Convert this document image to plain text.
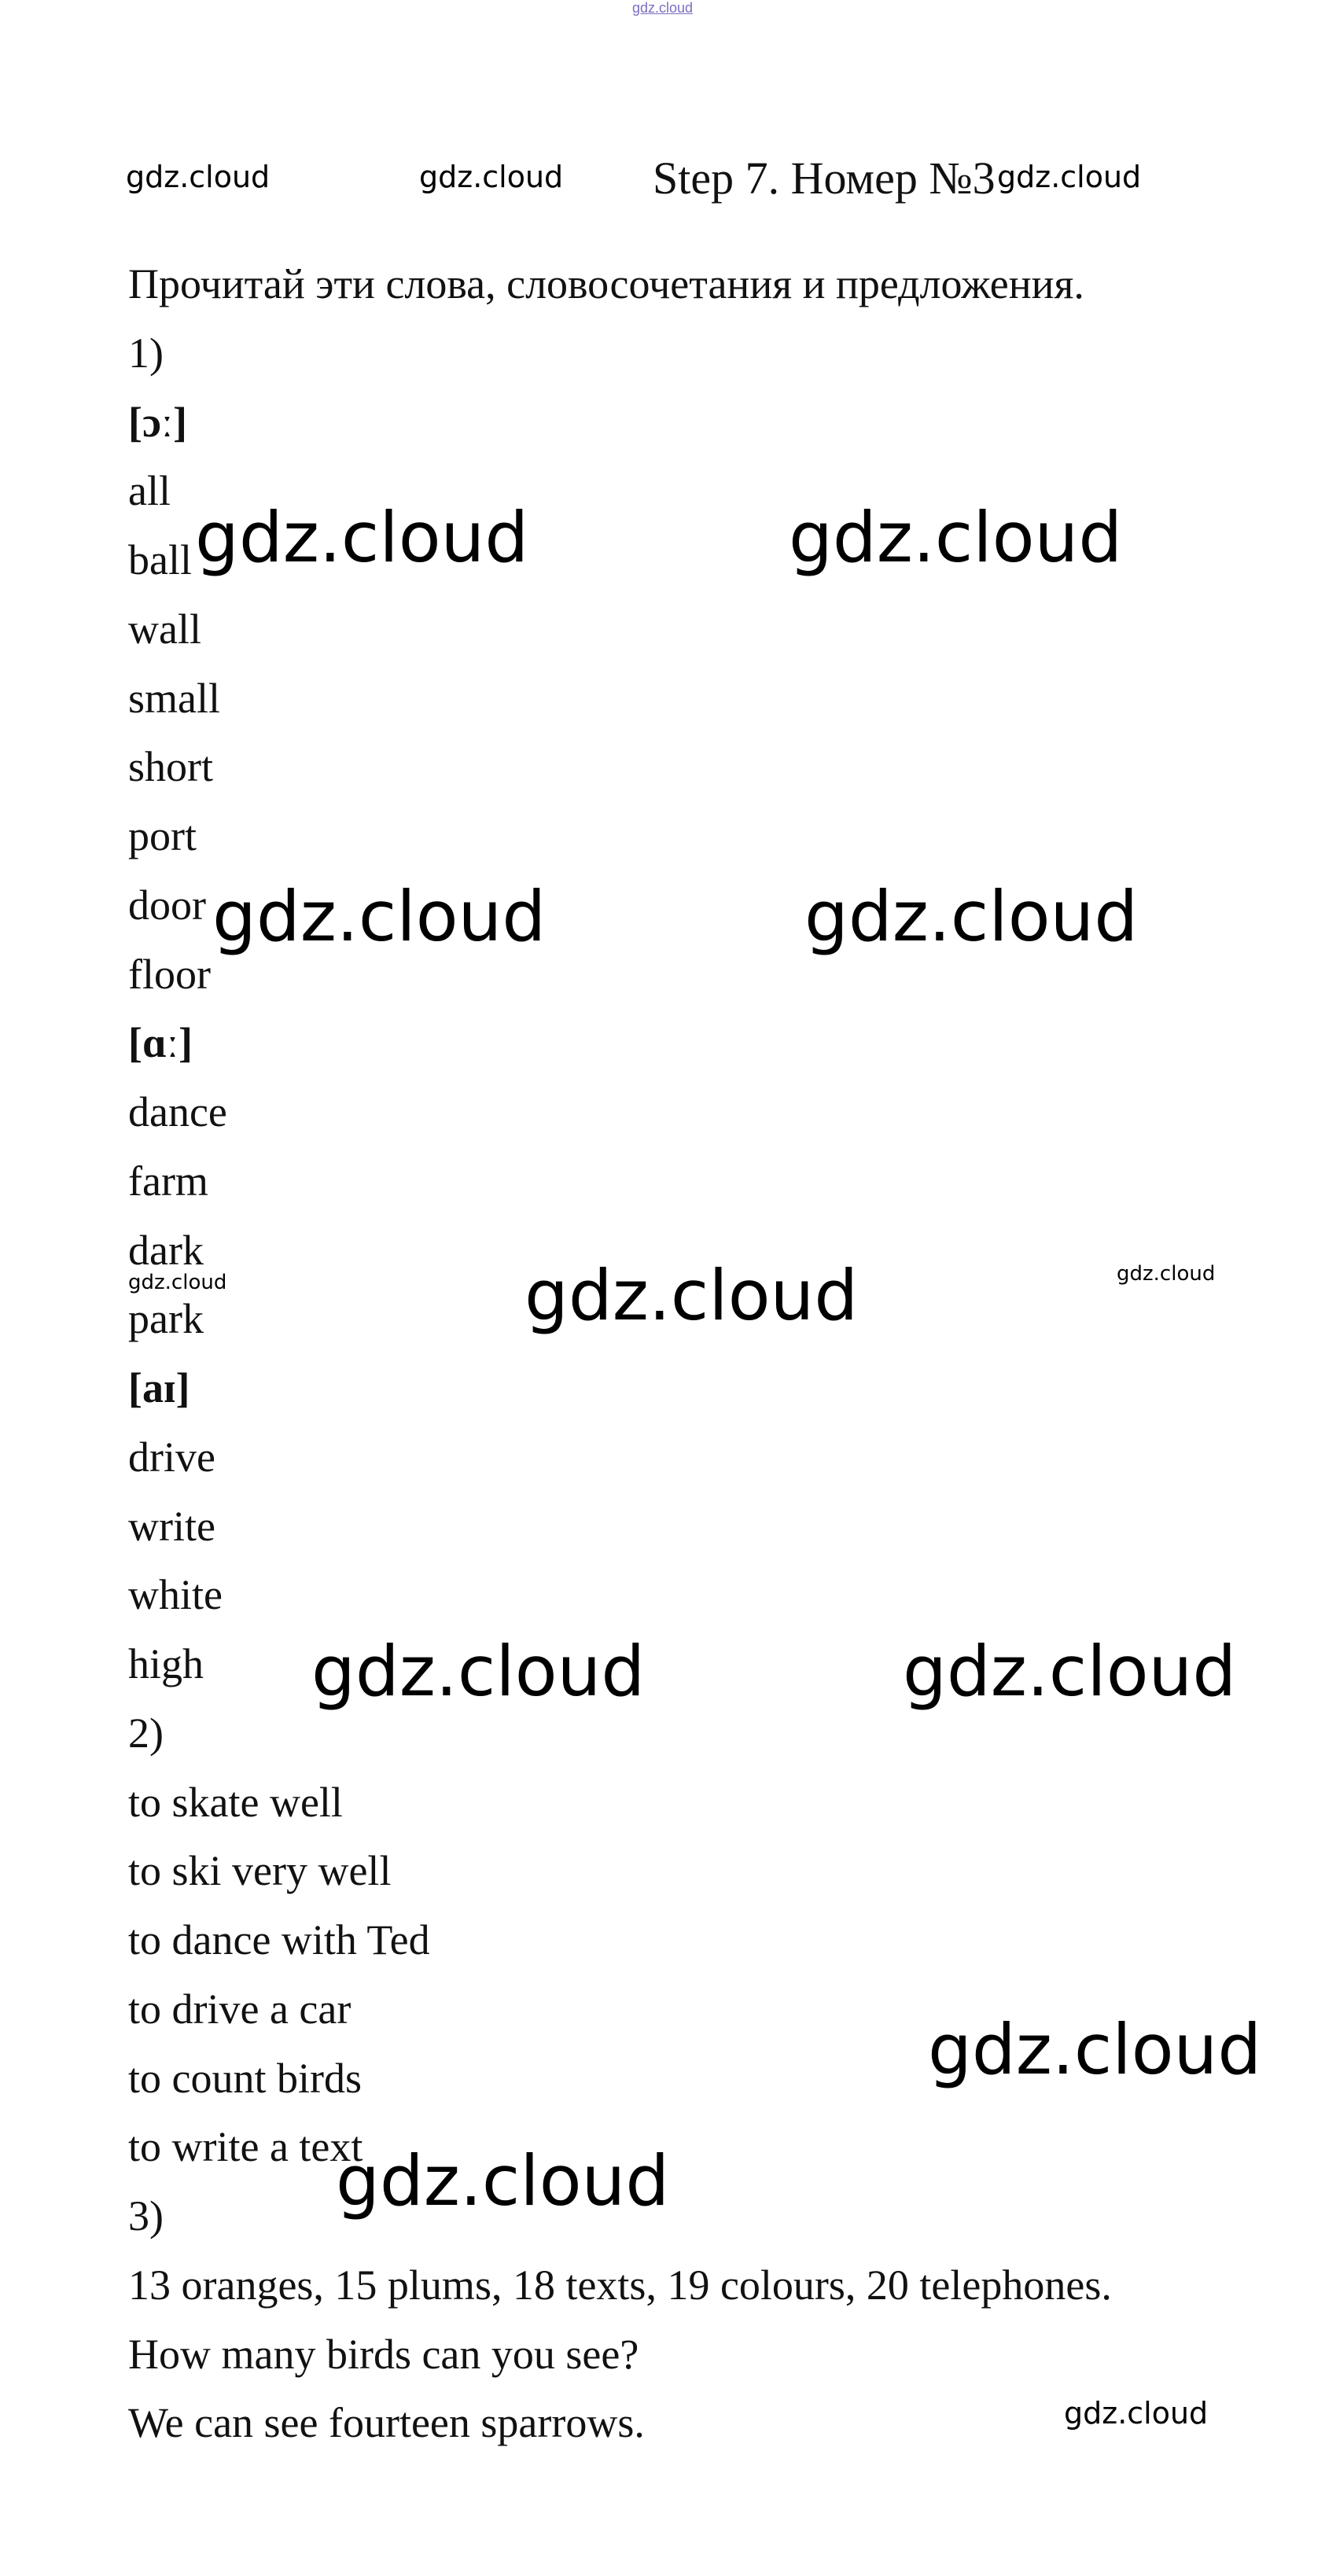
gdz.cloud
gdz.cloud	gdz.cloud Step 7. Номер №3 gdz.cloud
Прочитай эти слова, словосочетания и предложения.
1)
[ɔː]
all
ball
wall
small
short
port
door
floor
[ɑː]
dance
farm
dark
park
[aɪ]
drive
write
white
high
2)
to skate well
to ski very well
to dance with Ted
to drive a car
to count birds
to write a text
3)
13 oranges, 15 plums, 18 texts, 19 colours, 20 telephones.
How many birds can you see?
We can see fourteen sparrows.
gdz.cloud	gdz.cloud
gdz.cloud	gdz.cloud
gdz.cloud
gdz.cloud	gdz.cloud
gdz.cloud	gdz.cloud
gdz.cloud
gdz.cloud
gdz.cloud
